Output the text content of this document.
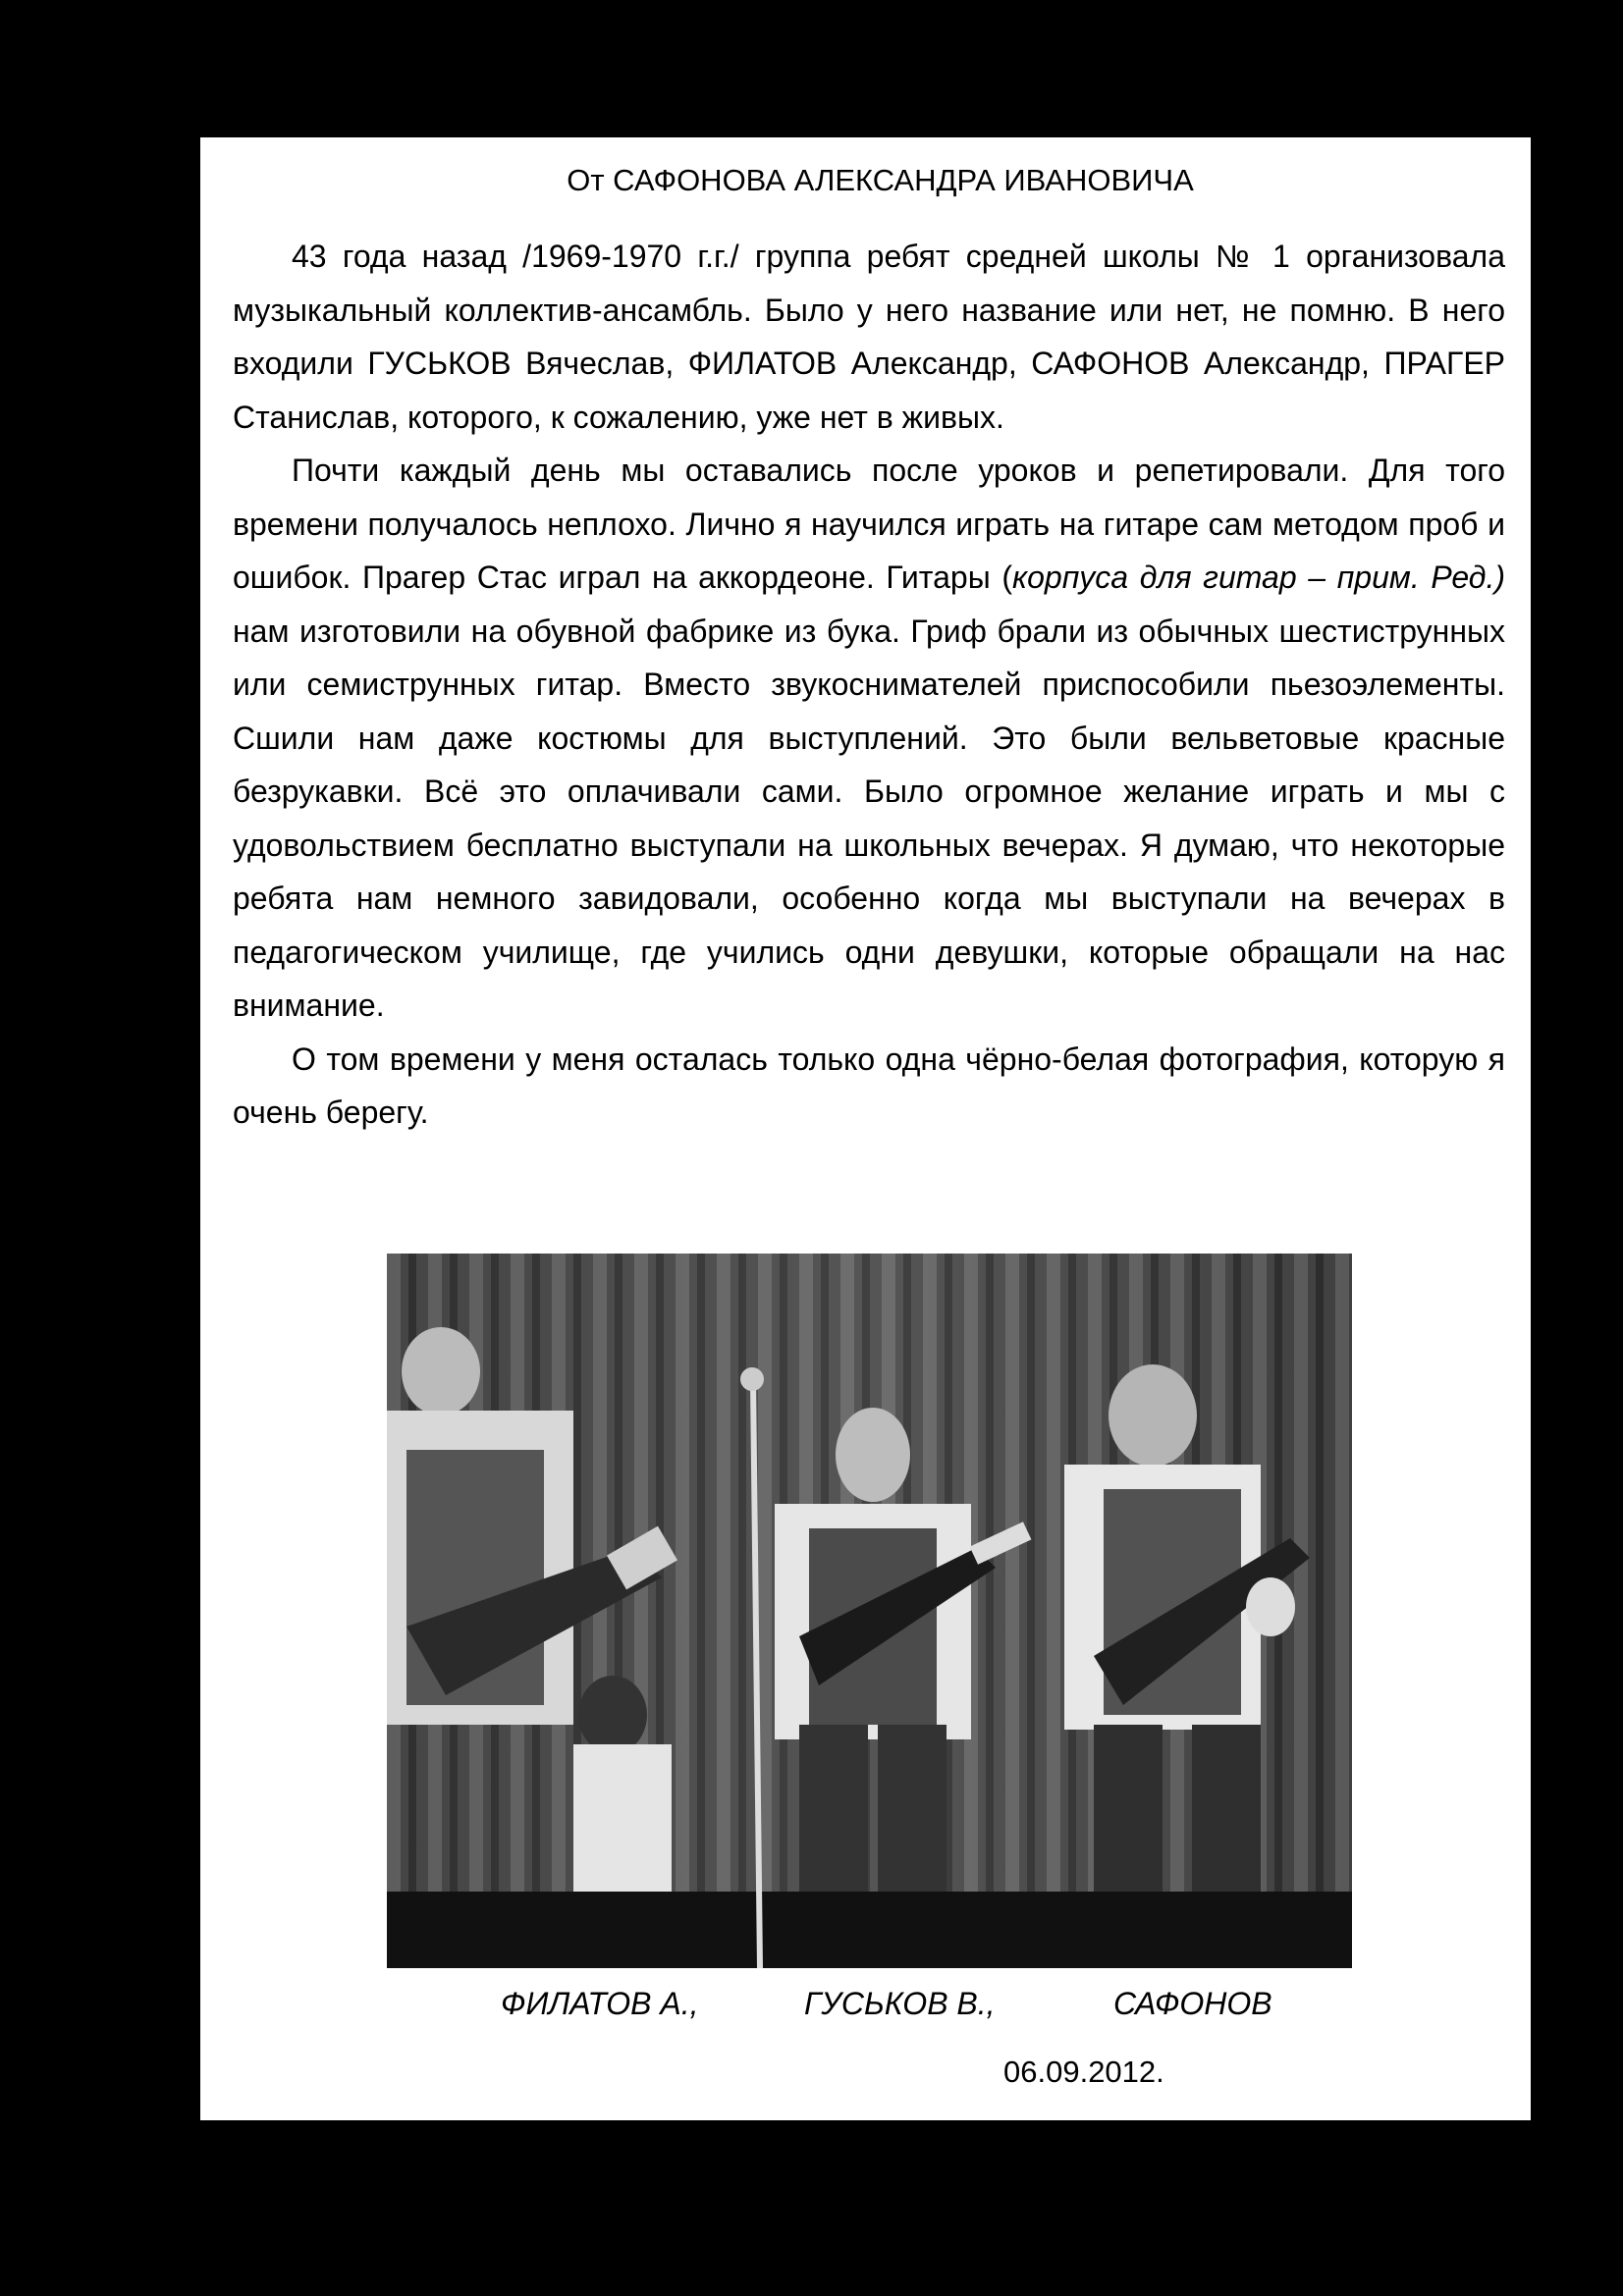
От САФОНОВА АЛЕКСАНДРА ИВАНОВИЧА

43 года назад /1969-1970 г.г./ группа ребят средней школы № 1 организовала музыкальный коллектив-ансамбль. Было у него название или нет, не помню. В него входили ГУСЬКОВ Вячеслав, ФИЛАТОВ Александр, САФОНОВ Александр, ПРАГЕР Станислав, которого, к сожалению, уже нет в живых.

Почти каждый день мы оставались после уроков и репетировали. Для того времени получалось неплохо. Лично я научился играть на гитаре сам методом проб и ошибок. Прагер Стас играл на аккордеоне. Гитары (корпуса для гитар – прим. Ред.) нам изготовили на обувной фабрике из бука. Гриф брали из обычных шестиструнных или семиструнных гитар. Вместо звукоснимателей приспособили пьезоэлементы. Сшили нам даже костюмы для выступлений. Это были вельветовые красные безрукавки. Всё это оплачивали сами. Было огромное желание играть и мы с удовольствием бесплатно выступали на школьных вечерах. Я думаю, что некоторые ребята нам немного завидовали, особенно когда мы выступали на вечерах в педагогическом училище, где учились одни девушки, которые обращали на нас внимание.

О том времени у меня осталась только одна чёрно-белая фотография, которую я очень берегу.

ФИЛАТОВ А.,	ГУСЬКОВ В.,	САФОНОВ
06.09.2012.
